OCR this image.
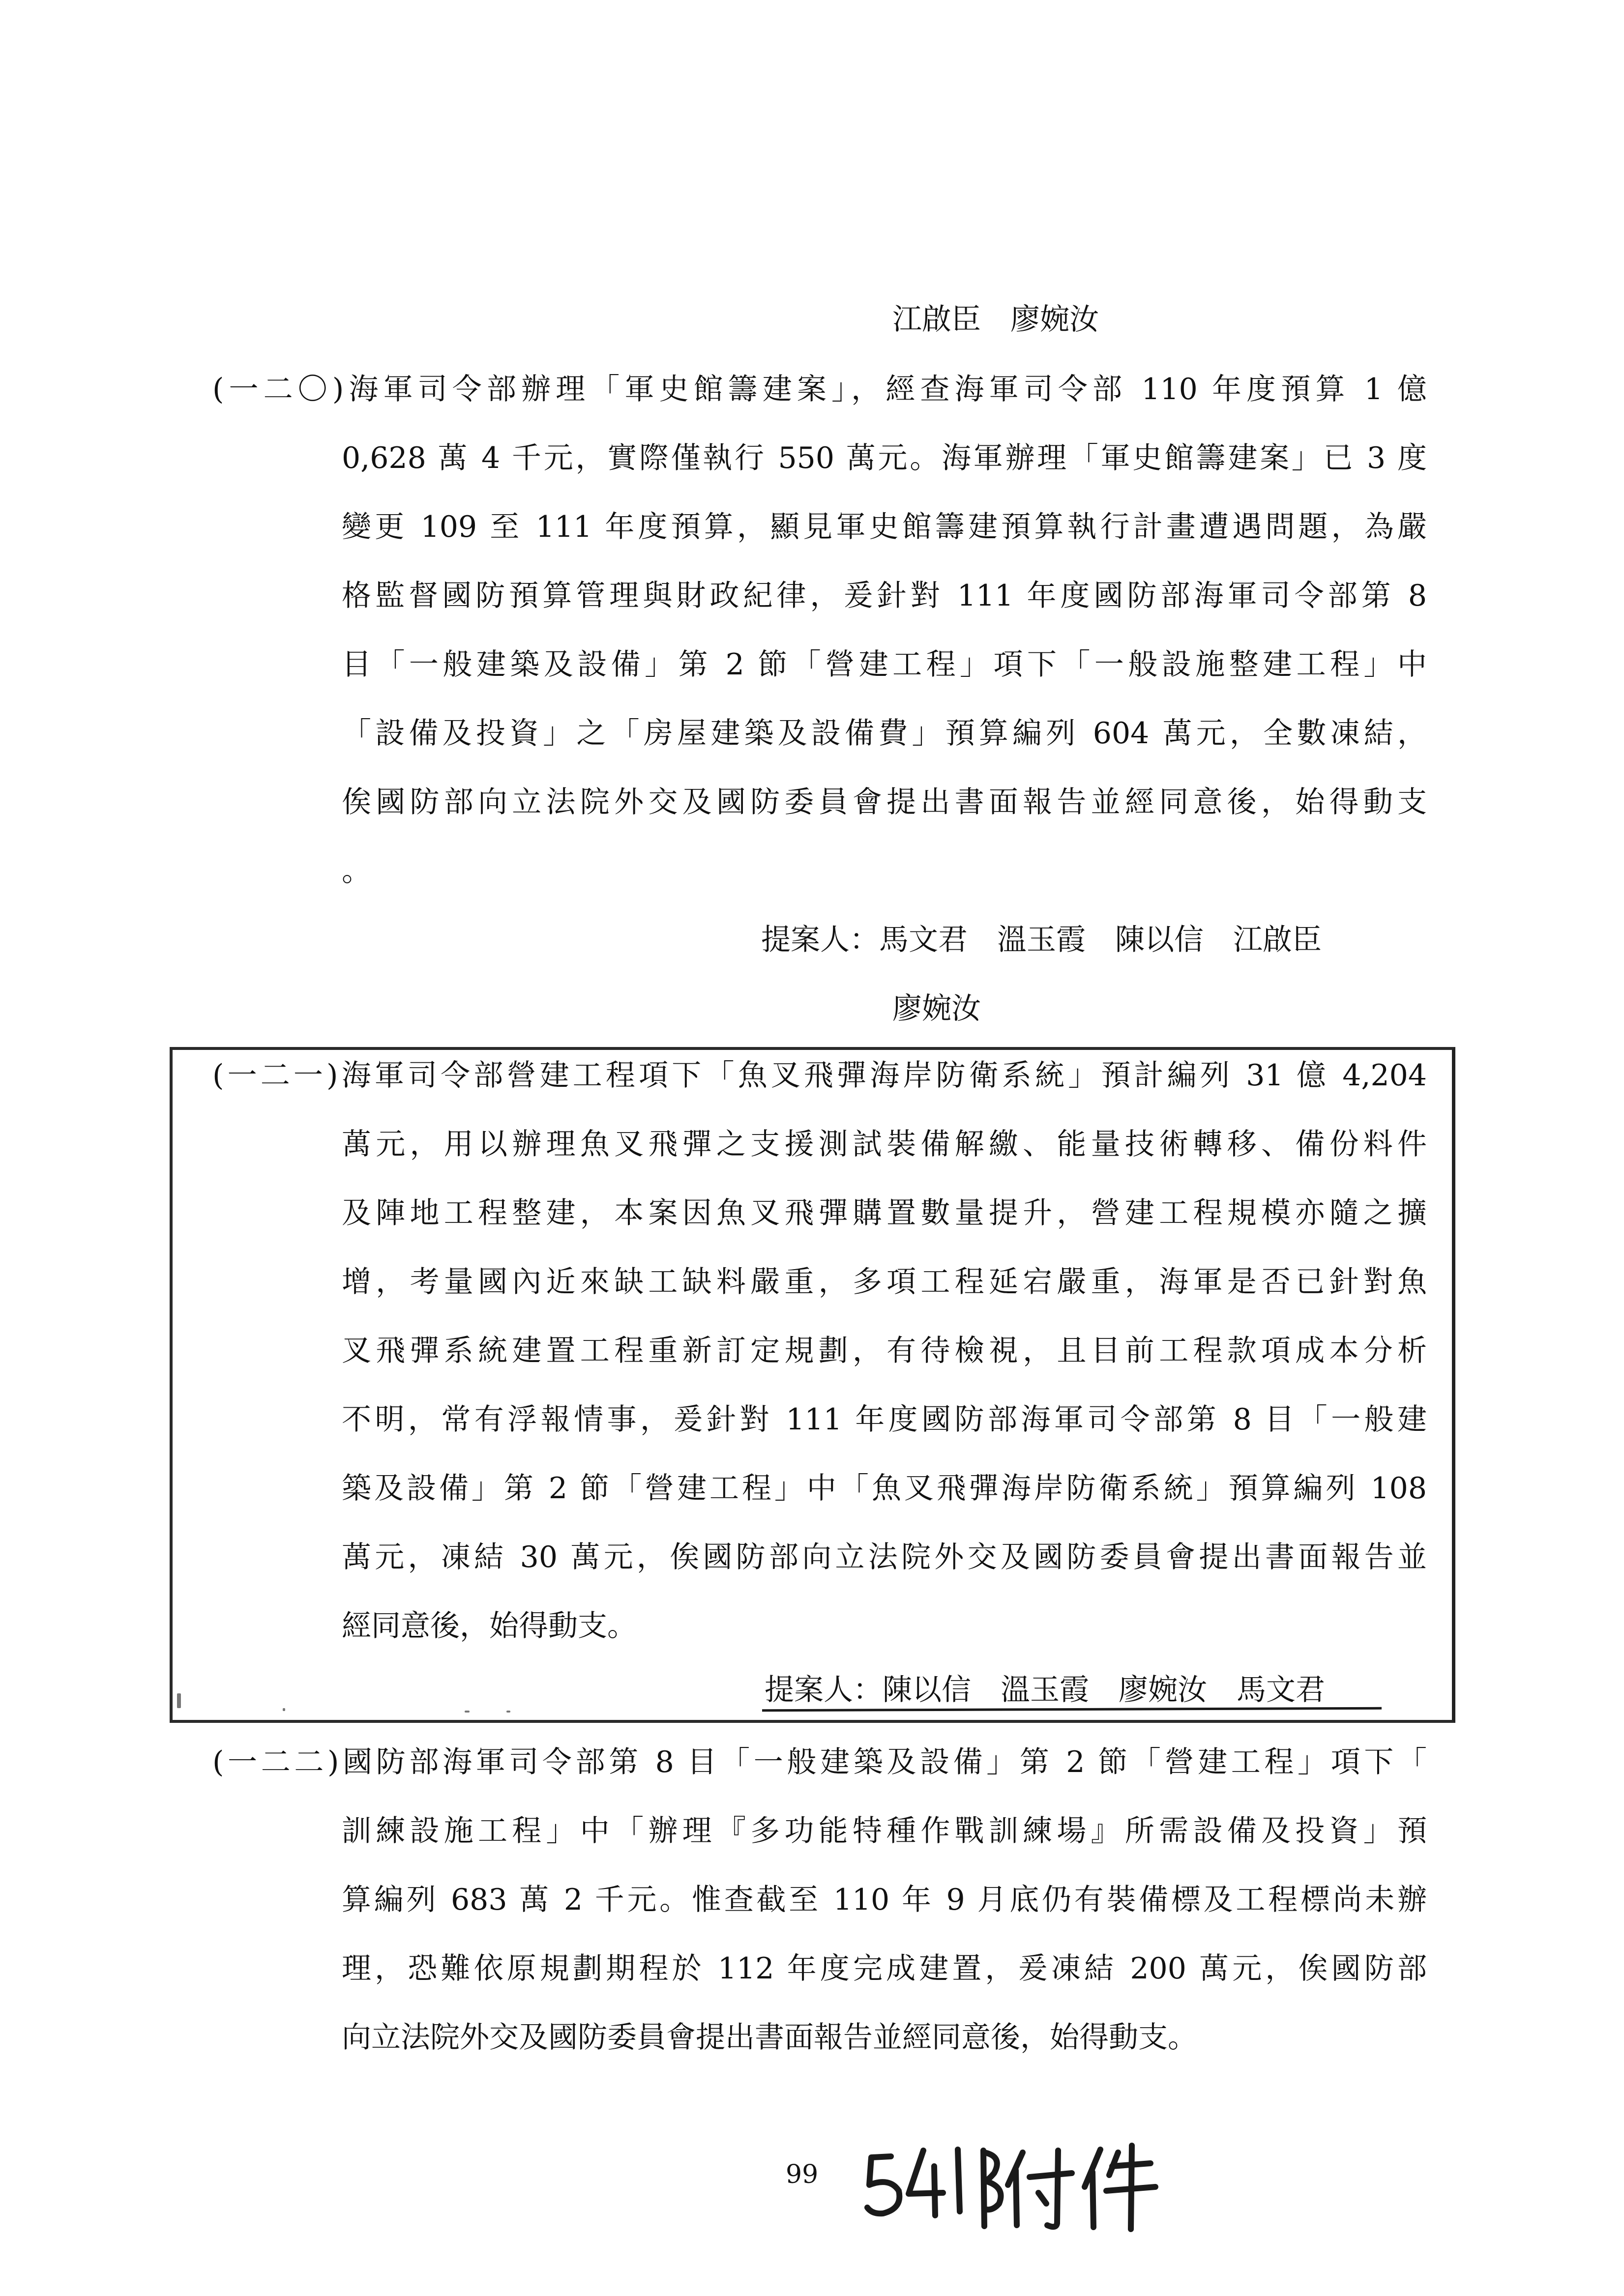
江啟臣　廖婉汝
(一二〇)海軍司令部辦理「軍史館籌建案」，經查海軍司令部 110 年度預算 1 億
0,628 萬 4 千元，實際僅執行 550 萬元。海軍辦理「軍史館籌建案」已 3 度
變更 109 至 111 年度預算，顯見軍史館籌建預算執行計畫遭遇問題，為嚴
格監督國防預算管理與財政紀律，爰針對 111 年度國防部海軍司令部第 8
目「一般建築及設備」第 2 節「營建工程」項下「一般設施整建工程」中
「設備及投資」之「房屋建築及設備費」預算編列 604 萬元，全數凍結，
俟國防部向立法院外交及國防委員會提出書面報告並經同意後，始得動支
。
提案人：馬文君　溫玉霞　陳以信　江啟臣
廖婉汝
(一二一)海軍司令部營建工程項下「魚叉飛彈海岸防衛系統」預計編列 31 億 4,204
萬元，用以辦理魚叉飛彈之支援測試裝備解繳、能量技術轉移、備份料件
及陣地工程整建，本案因魚叉飛彈購置數量提升，營建工程規模亦隨之擴
增，考量國內近來缺工缺料嚴重，多項工程延宕嚴重，海軍是否已針對魚
叉飛彈系統建置工程重新訂定規劃，有待檢視，且目前工程款項成本分析
不明，常有浮報情事，爰針對 111 年度國防部海軍司令部第 8 目「一般建
築及設備」第 2 節「營建工程」中「魚叉飛彈海岸防衛系統」預算編列 108
萬元，凍結 30 萬元，俟國防部向立法院外交及國防委員會提出書面報告並
經同意後，始得動支。
提案人：陳以信　溫玉霞　廖婉汝　馬文君
(一二二)國防部海軍司令部第 8 目「一般建築及設備」第 2 節「營建工程」項下「
訓練設施工程」中「辦理『多功能特種作戰訓練場』所需設備及投資」預
算編列 683 萬 2 千元。惟查截至 110 年 9 月底仍有裝備標及工程標尚未辦
理，恐難依原規劃期程於 112 年度完成建置，爰凍結 200 萬元，俟國防部
向立法院外交及國防委員會提出書面報告並經同意後，始得動支。
99
